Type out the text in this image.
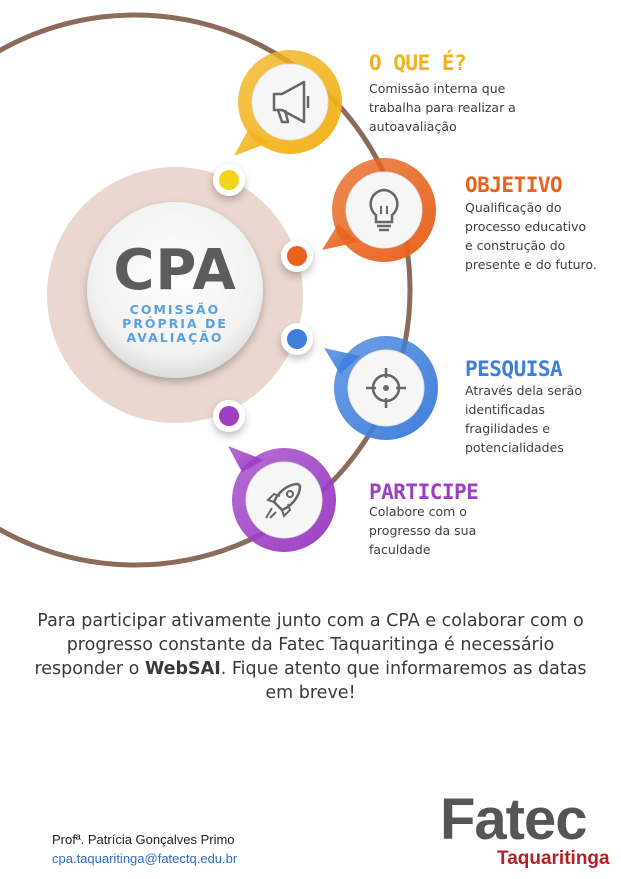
CPA
COMISSÃO
PRÓPRIA DE
AVALIAÇÃO
O QUE É?
Comissão interna que
trabalha para realizar a
autoavaliação
OBJETIVO
Qualificação do
processo educativo
e construção do
presente e do futuro.
PESQUISA
Através dela serão
identificadas
fragilidades e
potencialidades
PARTICIPE
Colabore com o
progresso da sua
faculdade
Para participar ativamente junto com a CPA e colaborar com o progresso constante da Fatec Taquaritinga é necessário responder o WebSAI. Fique atento que informaremos as datas em breve!
Profª. Patrícia Gonçalves Primo
cpa.taquaritinga@fatectq.edu.br
Fatec
Taquaritinga
